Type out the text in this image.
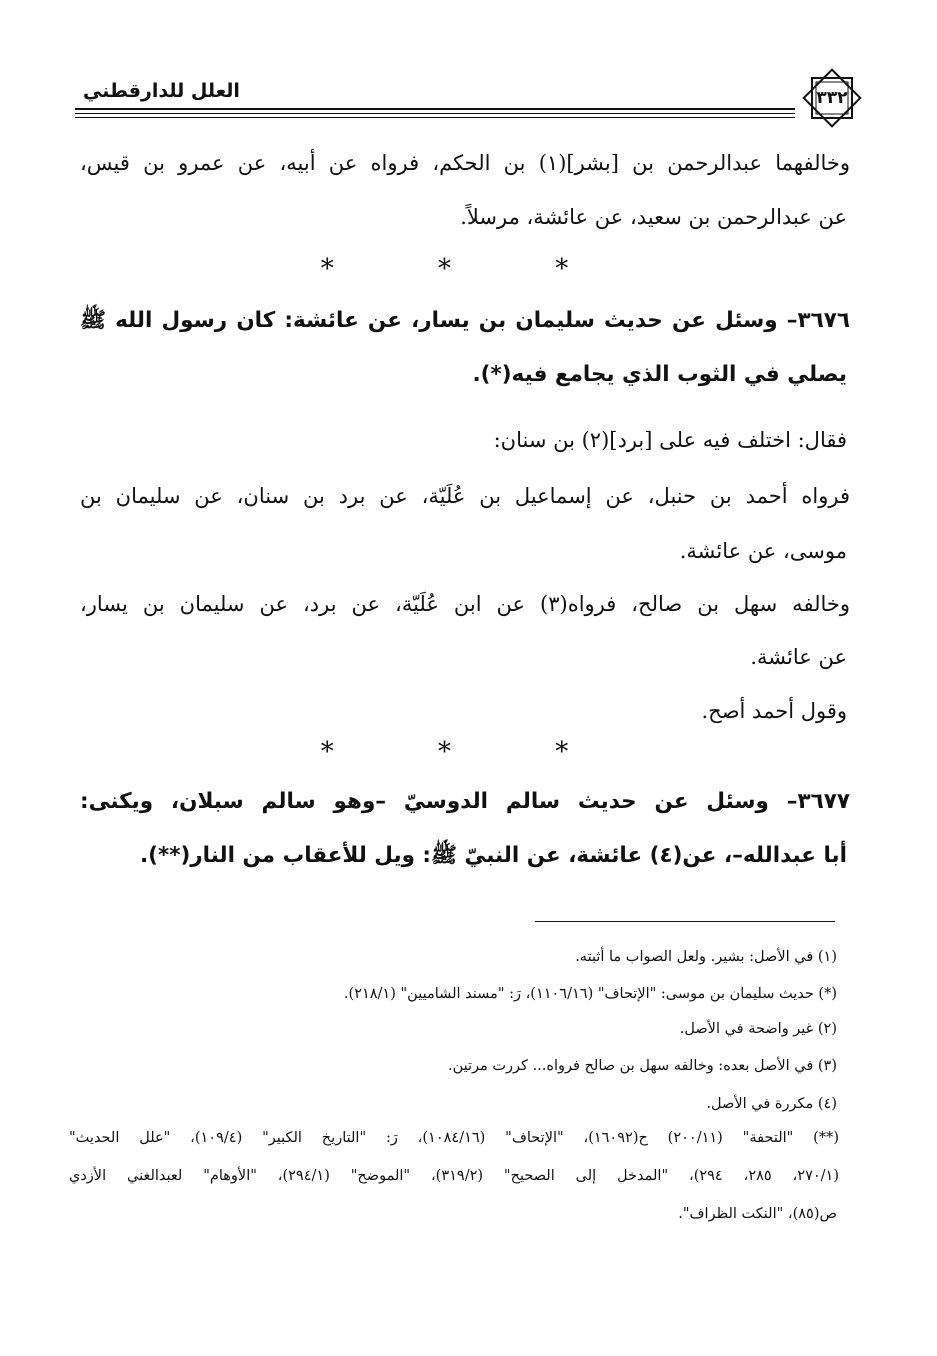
العلل للدارقطني	٣٣٢
وخالفهما عبدالرحمن بن [بشر](١) بن الحكم، فرواه عن أبيه، عن عمرو بن قيس،
عن عبدالرحمن بن سعيد، عن عائشة، مرسلاً.
* * *
٣٦٧٦– وسئل عن حديث سليمان بن يسار، عن عائشة: كان رسول الله ﷺ
يصلي في الثوب الذي يجامع فيه(*).
فقال: اختلف فيه على [برد](٢) بن سنان:
فرواه أحمد بن حنبل، عن إسماعيل بن عُلَيّة، عن برد بن سنان، عن سليمان بن
موسى، عن عائشة.
وخالفه سهل بن صالح، فرواه(٣) عن ابن عُلَيّة، عن برد، عن سليمان بن يسار،
عن عائشة.
وقول أحمد أصح.
* * *
٣٦٧٧– وسئل عن حديث سالم الدوسيّ –وهو سالم سبلان، ويكنى:
أبا عبدالله–، عن(٤) عائشة، عن النبيّ ﷺ: ويل للأعقاب من النار(**).
(١) في الأصل: بشير. ولعل الصواب ما أثبته.
(*) حديث سليمان بن موسى: "الإتحاف" (١١٠٦/١٦)، رَ: "مسند الشاميين" (٢١٨/١).
(٢) غير واضحة في الأصل.
(٣) في الأصل بعده: وخالفه سهل بن صالح فرواه... كررت مرتين.
(٤) مكررة في الأصل.
(**) "التحفة" (٢٠٠/١١) ح(١٦٠٩٢)، "الإتحاف" (١٠٨٤/١٦)، رَ: "التاريخ الكبير" (١٠٩/٤)، "علل الحديث"
(٢٧٠/١، ٢٨٥، ٢٩٤)، "المدخل إلى الصحيح" (٣١٩/٢)، "الموضح" (٢٩٤/١)، "الأوهام" لعبدالغني الأزدي
ص(٨٥)، "النكت الظراف".
